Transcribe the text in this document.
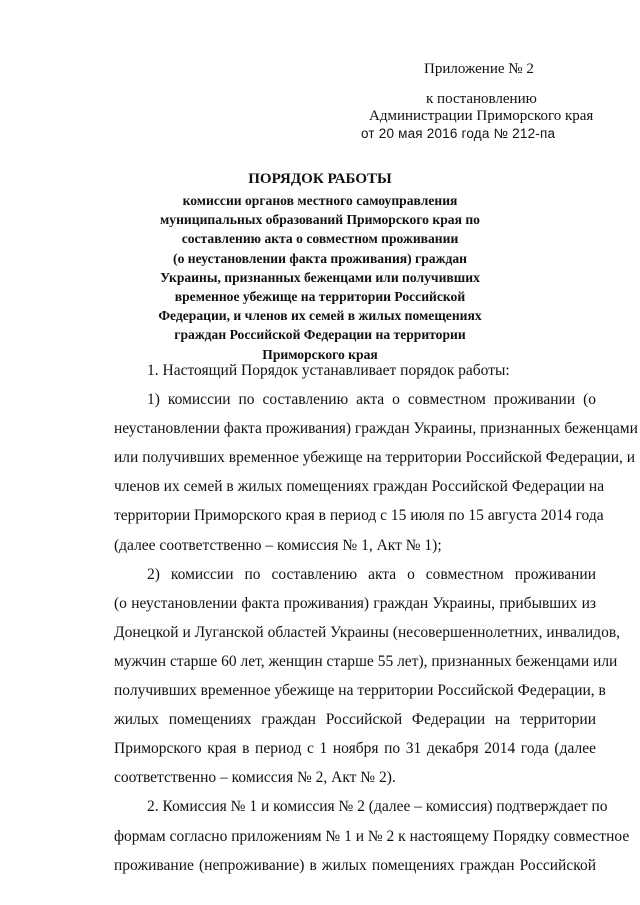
Приложение № 2
к постановлению
Администрации Приморского края
от 20 мая 2016 года № 212-па
ПОРЯДОК РАБОТЫ
комиссии органов местного самоуправления
муниципальных образований Приморского края по
составлению акта о совместном проживании
(о неустановлении факта проживания) граждан
Украины, признанных беженцами или получивших
временное убежище на территории Российской
Федерации, и членов их семей в жилых помещениях
граждан Российской Федерации на территории
Приморского края
1. Настоящий Порядок устанавливает порядок работы:
1) комиссии по составлению акта о совместном проживании (о
неустановлении факта проживания) граждан Украины, признанных беженцами
или получивших временное убежище на территории Российской Федерации, и
членов их семей в жилых помещениях граждан Российской Федерации на
территории Приморского края в период с 15 июля по 15 августа 2014 года
(далее соответственно – комиссия № 1, Акт № 1);
2) комиссии по составлению акта о совместном проживании
(о неустановлении факта проживания) граждан Украины, прибывших из
Донецкой и Луганской областей Украины (несовершеннолетних, инвалидов,
мужчин старше 60 лет, женщин старше 55 лет), признанных беженцами или
получивших временное убежище на территории Российской Федерации, в
жилых помещениях граждан Российской Федерации на территории
Приморского края в период с 1 ноября по 31 декабря 2014 года (далее
соответственно – комиссия № 2, Акт № 2).
2. Комиссия № 1 и комиссия № 2 (далее – комиссия) подтверждает по
формам согласно приложениям № 1 и № 2 к настоящему Порядку совместное
проживание (непроживание) в жилых помещениях граждан Российской
